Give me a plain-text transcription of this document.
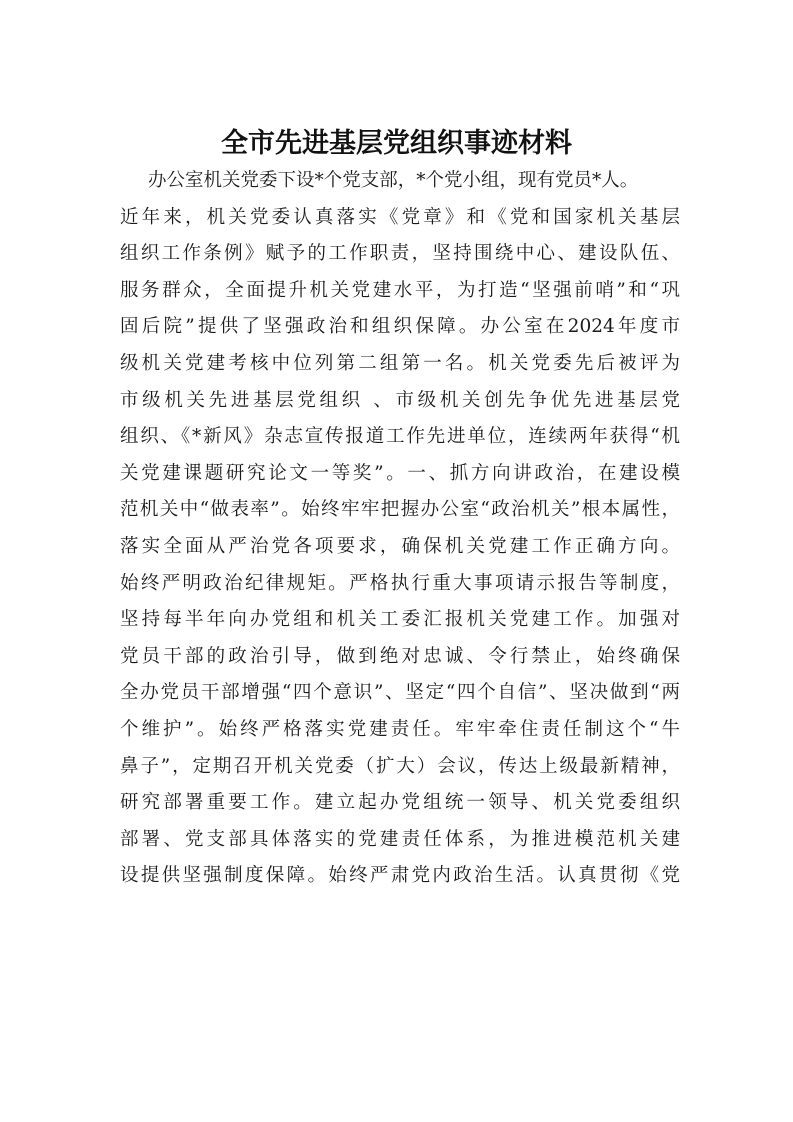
全市先进基层党组织事迹材料
办公室机关党委下设*个党支部，*个党小组，现有党员*人。
近年来，机关党委认真落实《党章》和《党和国家机关基层
组织工作条例》赋予的工作职责，坚持围绕中心、建设队伍、
服务群众，全面提升机关党建水平，为打造“坚强前哨”和“巩
固后院”提供了坚强政治和组织保障。办公室在2024年度市
级机关党建考核中位列第二组第一名。机关党委先后被评为
市级机关先进基层党组织 、市级机关创先争优先进基层党
组织、《*新风》杂志宣传报道工作先进单位，连续两年获得“机
关党建课题研究论文一等奖”。一、抓方向讲政治，在建设模
范机关中“做表率”。始终牢牢把握办公室“政治机关”根本属性，
落实全面从严治党各项要求，确保机关党建工作正确方向。
始终严明政治纪律规矩。严格执行重大事项请示报告等制度，
坚持每半年向办党组和机关工委汇报机关党建工作。加强对
党员干部的政治引导，做到绝对忠诚、令行禁止，始终确保
全办党员干部增强“四个意识”、坚定“四个自信”、坚决做到“两
个维护”。始终严格落实党建责任。牢牢牵住责任制这个“牛
鼻子”，定期召开机关党委（扩大）会议，传达上级最新精神，
研究部署重要工作。建立起办党组统一领导、机关党委组织
部署、党支部具体落实的党建责任体系，为推进模范机关建
设提供坚强制度保障。始终严肃党内政治生活。认真贯彻《党
